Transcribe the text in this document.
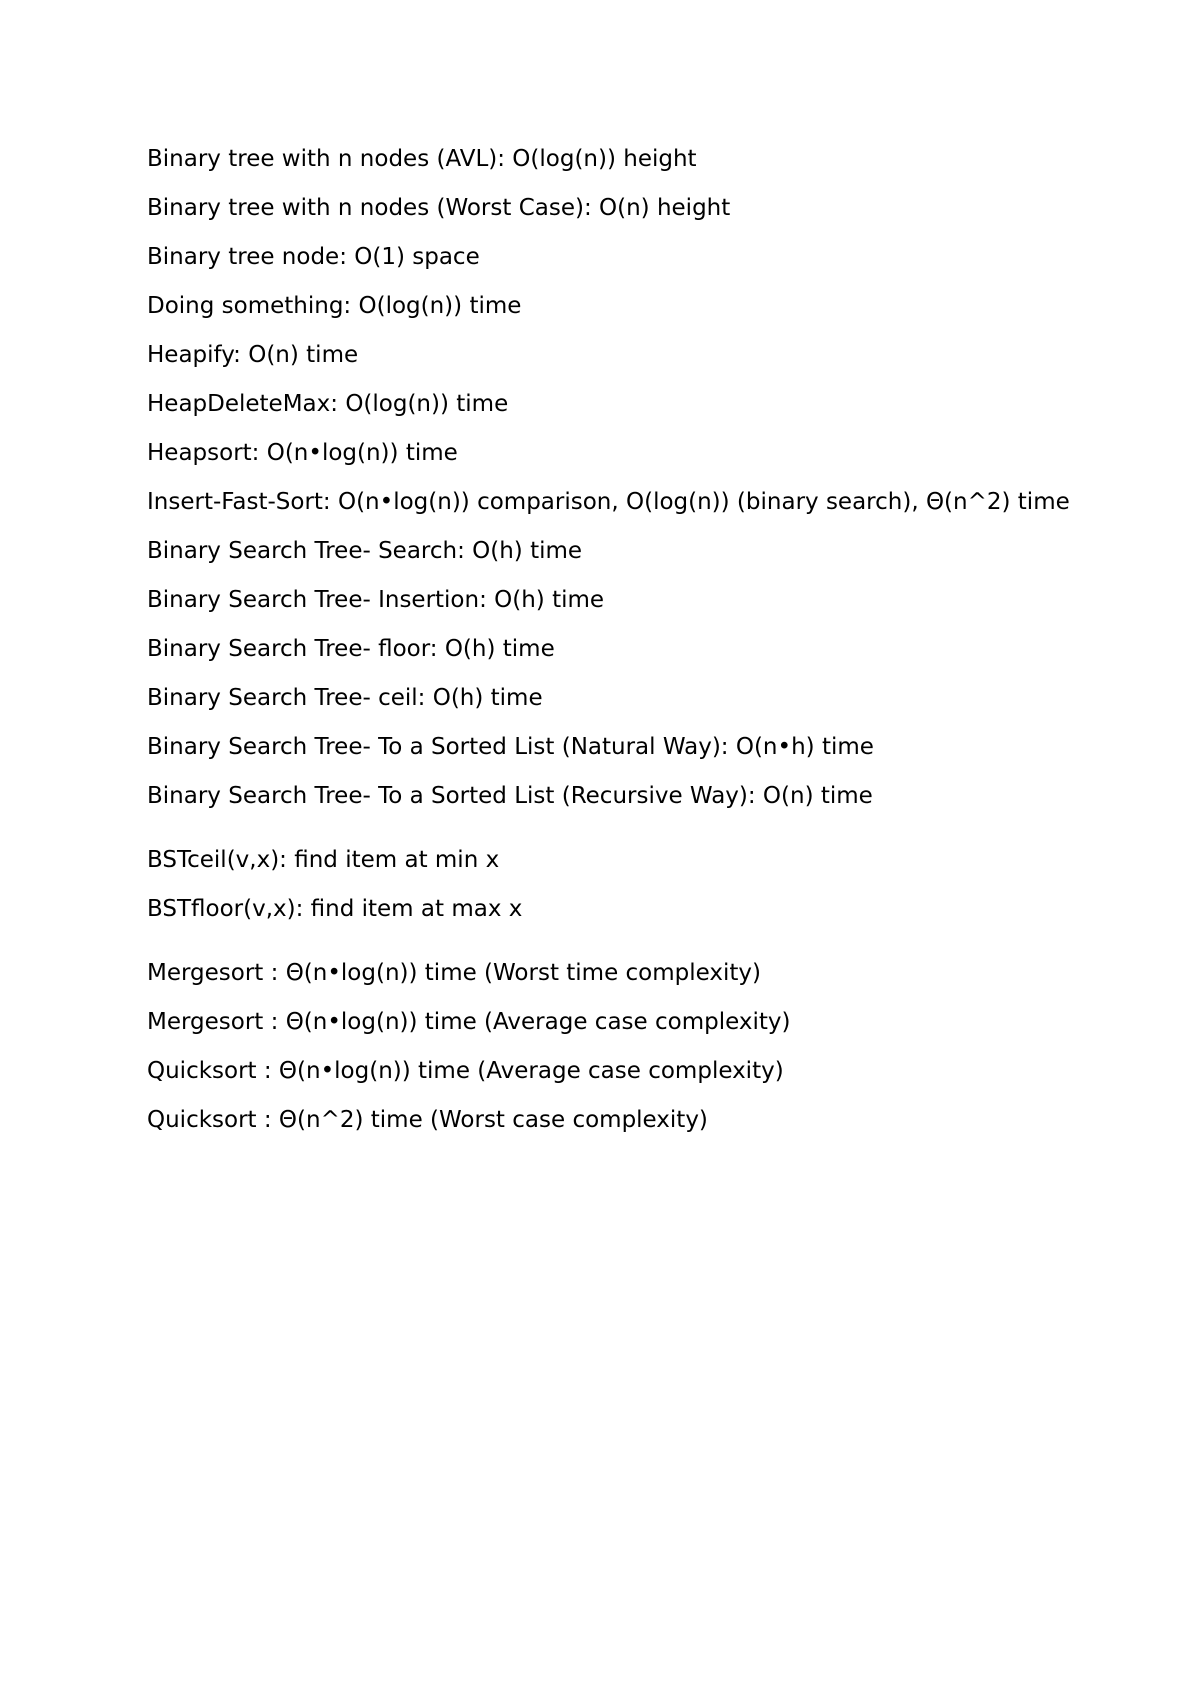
Binary tree with n nodes (AVL): O(log(n)) height
Binary tree with n nodes (Worst Case): O(n) height
Binary tree node: O(1) space
Doing something: O(log(n)) time
Heapify: O(n) time
HeapDeleteMax: O(log(n)) time
Heapsort: O(n•log(n)) time
Insert-Fast-Sort: O(n•log(n)) comparison, O(log(n)) (binary search), Θ(n^2) time
Binary Search Tree- Search: O(h) time
Binary Search Tree- Insertion: O(h) time
Binary Search Tree- floor: O(h) time
Binary Search Tree- ceil: O(h) time
Binary Search Tree- To a Sorted List (Natural Way): O(n•h) time
Binary Search Tree- To a Sorted List (Recursive Way): O(n) time
BSTceil(v,x): find item at min x
BSTfloor(v,x): find item at max x
Mergesort : Θ(n•log(n)) time (Worst time complexity)
Mergesort : Θ(n•log(n)) time (Average case complexity)
Quicksort : Θ(n•log(n)) time (Average case complexity)
Quicksort : Θ(n^2) time (Worst case complexity)
